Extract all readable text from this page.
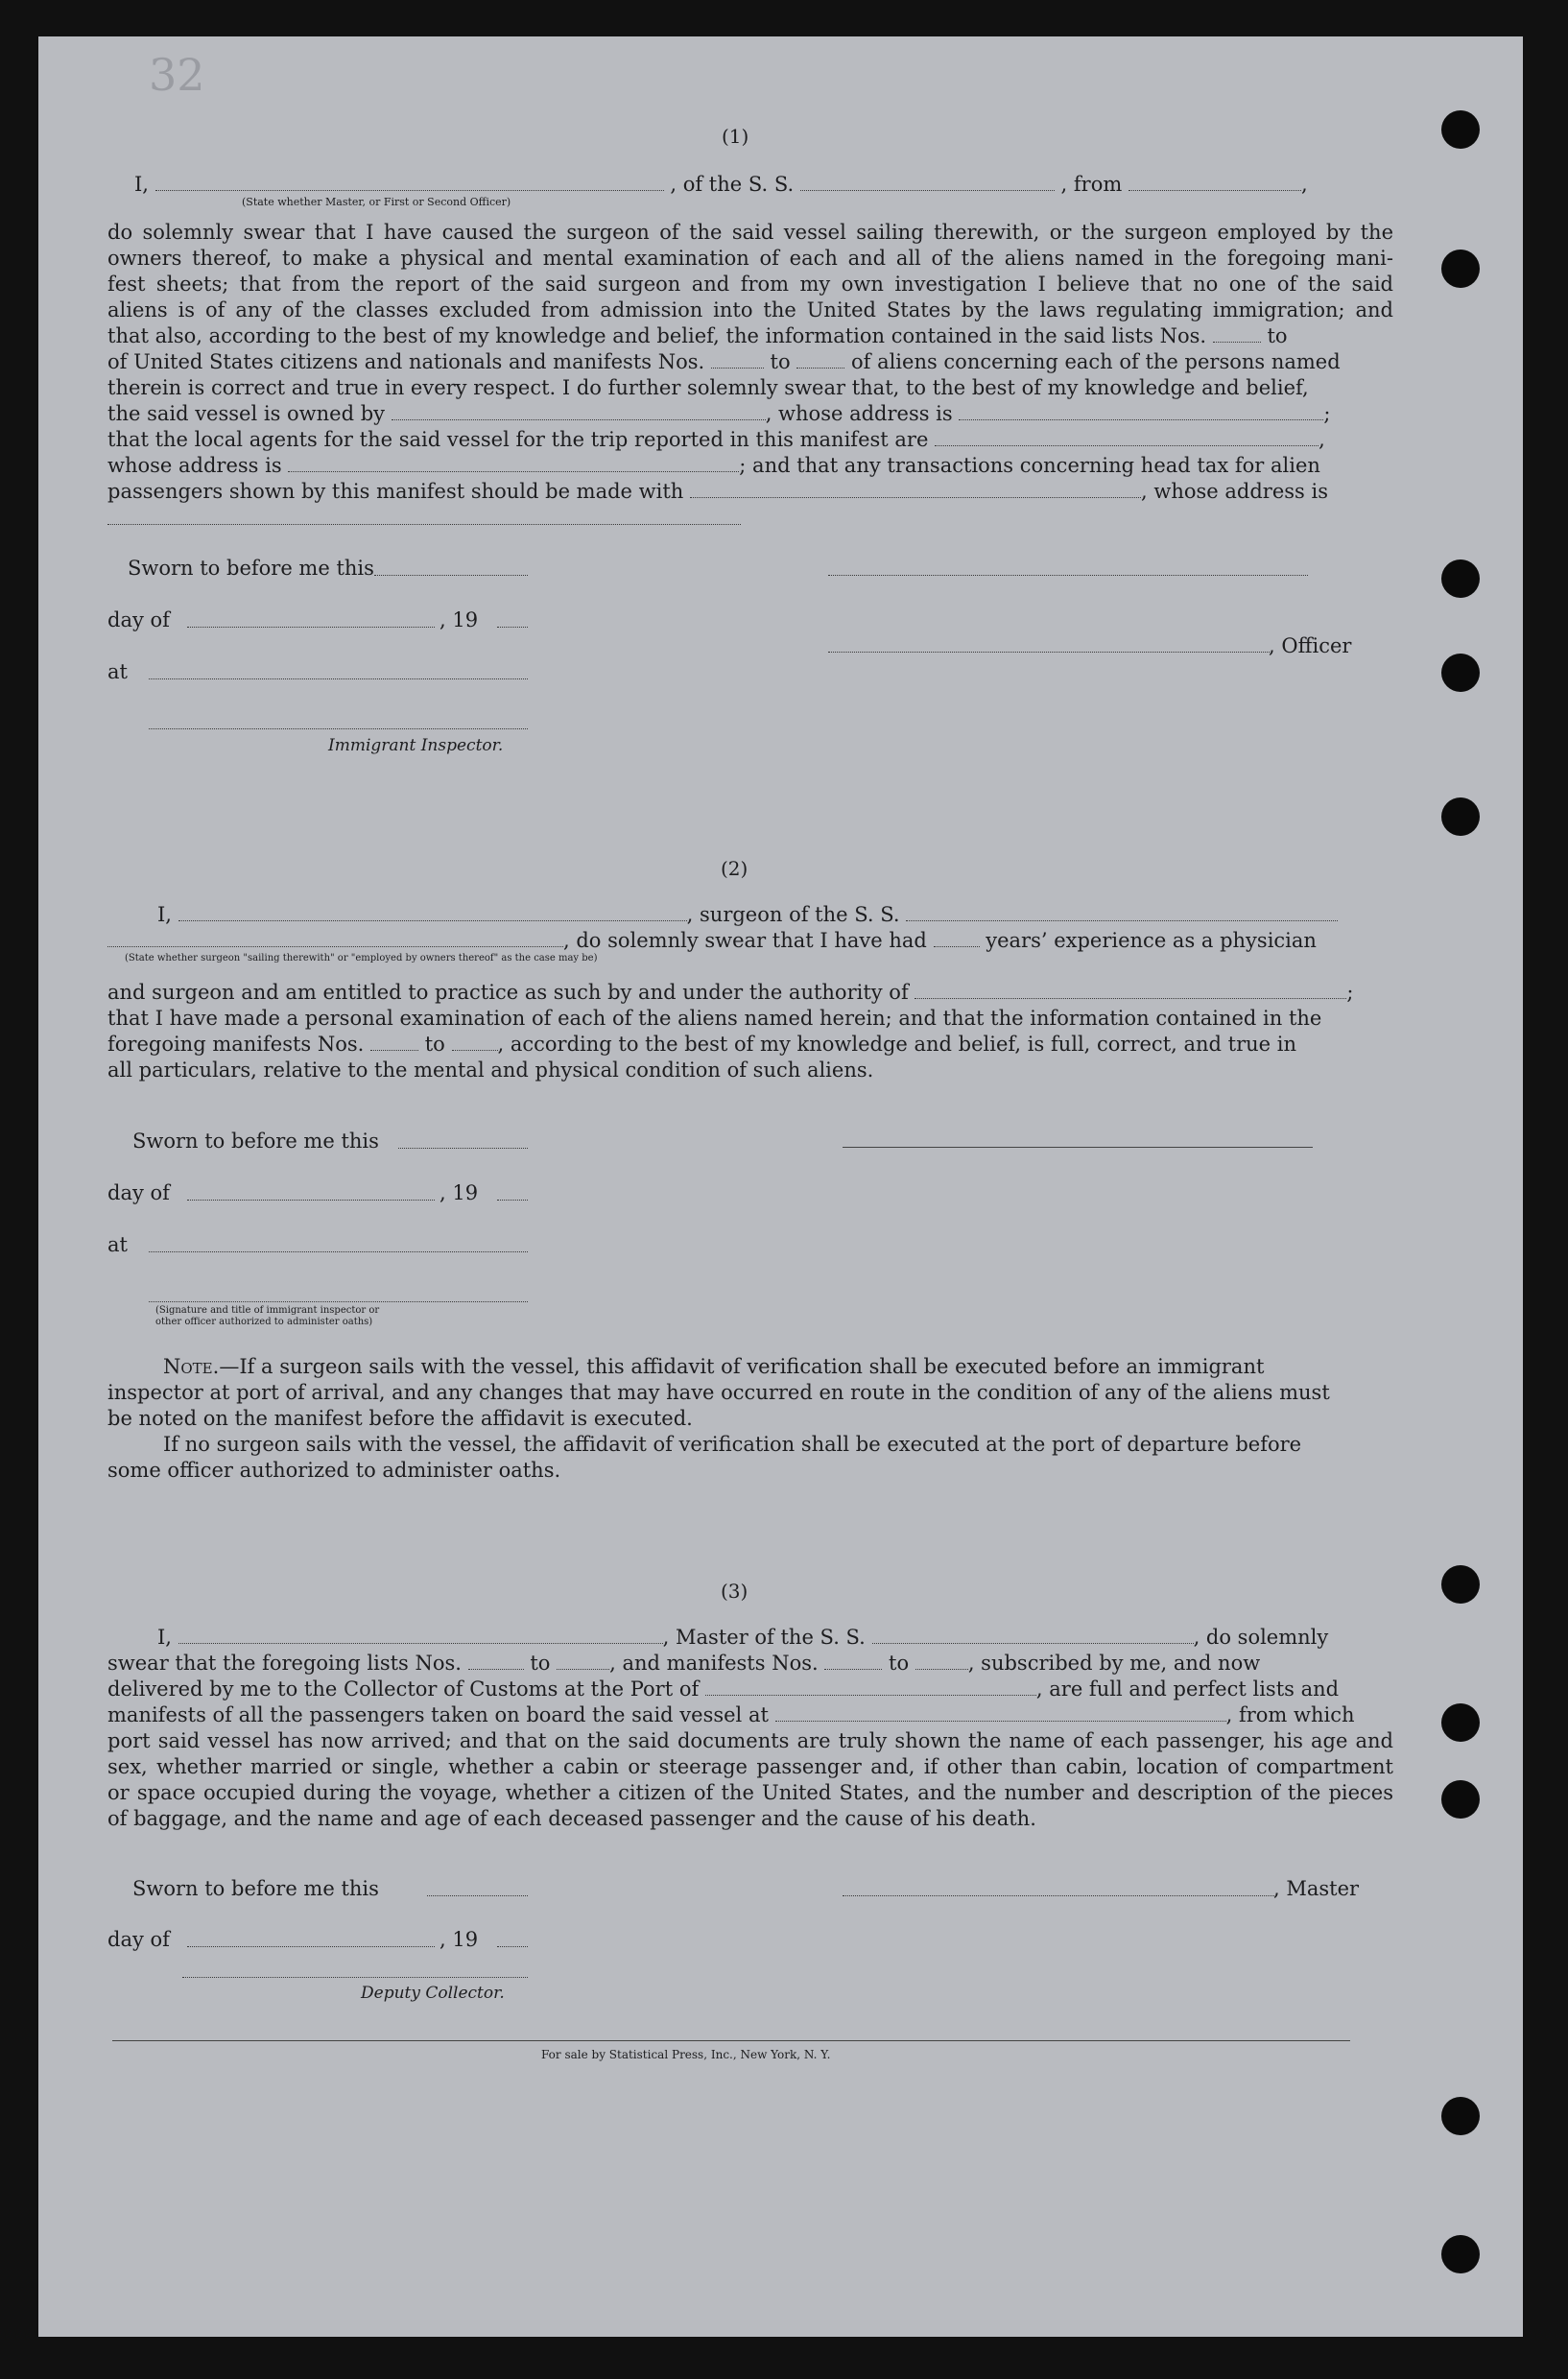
32
(1)
I,	, of the S. S.	, from	,
(State whether Master, or First or Second Officer)
do solemnly swear that I have caused the surgeon of the said vessel sailing therewith, or the surgeon employed by the
owners thereof, to make a physical and mental examination of each and all of the aliens named in the foregoing mani-
fest sheets; that from the report of the said surgeon and from my own investigation I believe that no one of the said
aliens is of any of the classes excluded from admission into the United States by the laws regulating immigration; and
that also, according to the best of my knowledge and belief, the information contained in the said lists Nos.  to
of United States citizens and nationals and manifests Nos.	to  of aliens concerning each of the persons named
therein is correct and true in every respect. I do further solemnly swear that, to the best of my knowledge and belief,
the said vessel is owned by	, whose address is	;
that the local agents for the said vessel for the trip reported in this manifest are	,
whose address is	; and that any transactions concerning head tax for alien
passengers shown by this manifest should be made with	, whose address is
Sworn to before me this
day of	, 19
at
Immigrant Inspector.
, Officer
(2)
I,	, surgeon of the S. S.
, do solemnly swear that I have had	years’ experience as a physician
(State whether surgeon "sailing therewith" or "employed by owners thereof" as the case may be)
and surgeon and am entitled to practice as such by and under the authority of	;
that I have made a personal examination of each of the aliens named herein; and that the information contained in the
foregoing manifests Nos.	to	, according to the best of my knowledge and belief, is full, correct, and true in
all particulars, relative to the mental and physical condition of such aliens.
Sworn to before me this
day of	, 19
at
(Signature and title of immigrant inspector or
other officer authorized to administer oaths)
Note.—If a surgeon sails with the vessel, this affidavit of verification shall be executed before an immigrant
inspector at port of arrival, and any changes that may have occurred en route in the condition of any of the aliens must
be noted on the manifest before the affidavit is executed.
If no surgeon sails with the vessel, the affidavit of verification shall be executed at the port of departure before
some officer authorized to administer oaths.
(3)
I,	, Master of the S. S.	, do solemnly
swear that the foregoing lists Nos.	to	, and manifests Nos.	to	, subscribed by me, and now
delivered by me to the Collector of Customs at the Port of	, are full and perfect lists and
manifests of all the passengers taken on board the said vessel at	, from which
port said vessel has now arrived; and that on the said documents are truly shown the name of each passenger, his age and
sex, whether married or single, whether a cabin or steerage passenger and, if other than cabin, location of compartment
or space occupied during the voyage, whether a citizen of the United States, and the number and description of the pieces
of baggage, and the name and age of each deceased passenger and the cause of his death.
Sworn to before me this	, Master
day of	, 19
Deputy Collector.
For sale by Statistical Press, Inc., New York, N. Y.
